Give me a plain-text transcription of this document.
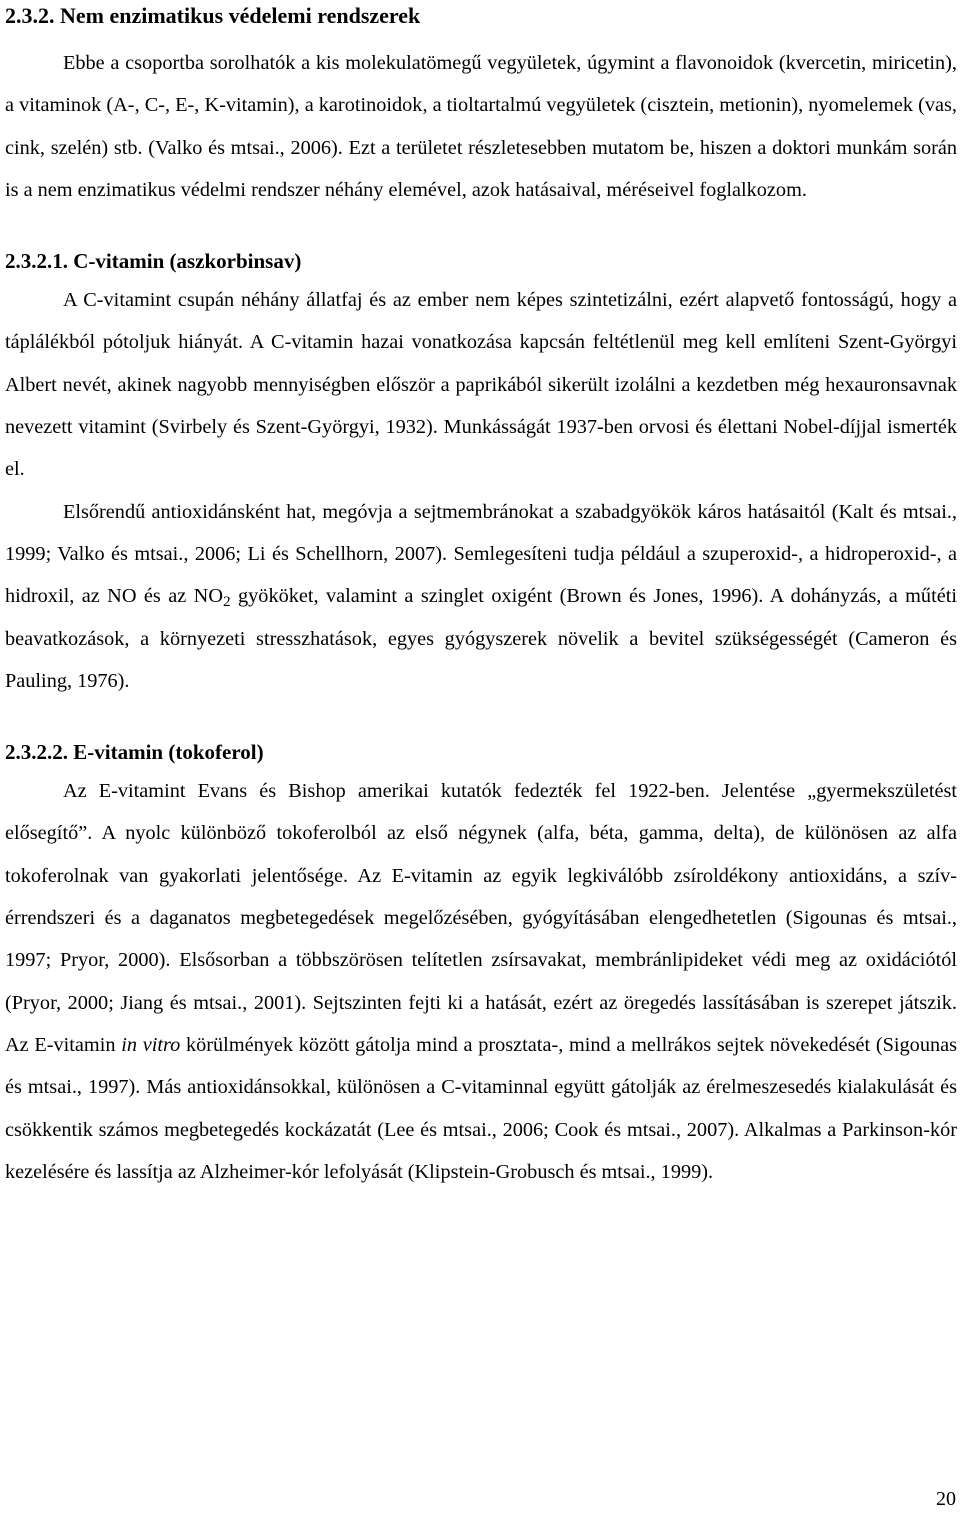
2.3.2. Nem enzimatikus védelemi rendszerek

Ebbe a csoportba sorolhatók a kis molekulatömegű vegyületek, úgymint a flavonoidok (kvercetin, miricetin), a vitaminok (A-, C-, E-, K-vitamin), a karotinoidok, a tioltartalmú vegyületek (cisztein, metionin), nyomelemek (vas, cink, szelén) stb. (Valko és mtsai., 2006). Ezt a területet részletesebben mutatom be, hiszen a doktori munkám során is a nem enzimatikus védelmi rendszer néhány elemével, azok hatásaival, méréseivel foglalkozom.

2.3.2.1. C-vitamin (aszkorbinsav)

A C-vitamint csupán néhány állatfaj és az ember nem képes szintetizálni, ezért alapvető fontosságú, hogy a táplálékból pótoljuk hiányát. A C-vitamin hazai vonatkozása kapcsán feltétlenül meg kell említeni Szent-Györgyi Albert nevét, akinek nagyobb mennyiségben először a paprikából sikerült izolálni a kezdetben még hexauronsavnak nevezett vitamint (Svirbely és Szent-Györgyi, 1932). Munkásságát 1937-ben orvosi és élettani Nobel-díjjal ismerték el.

Elsőrendű antioxidánsként hat, megóvja a sejtmembránokat a szabadgyökök káros hatásaitól (Kalt és mtsai., 1999; Valko és mtsai., 2006; Li és Schellhorn, 2007). Semlegesíteni tudja például a szuperoxid-, a hidroperoxid-, a hidroxil, az NO és az $NO_2$ gyököket, valamint a szinglet oxigént (Brown és Jones, 1996). A dohányzás, a műtéti beavatkozások, a környezeti stresszhatások, egyes gyógyszerek növelik a bevitel szükségességét (Cameron és Pauling, 1976).

2.3.2.2. E-vitamin (tokoferol)

Az E-vitamint Evans és Bishop amerikai kutatók fedezték fel 1922-ben. Jelentése „gyermekszületést elősegítő”. A nyolc különböző tokoferolból az első négynek (alfa, béta, gamma, delta), de különösen az alfa tokoferolnak van gyakorlati jelentősége. Az E-vitamin az egyik legkiválóbb zsíroldékony antioxidáns, a szív-érrendszeri és a daganatos megbetegedések megelőzésében, gyógyításában elengedhetetlen (Sigounas és mtsai., 1997; Pryor, 2000). Elsősorban a többszörösen telítetlen zsírsavakat, membránlipideket védi meg az oxidációtól (Pryor, 2000; Jiang és mtsai., 2001). Sejtszinten fejti ki a hatását, ezért az öregedés lassításában is szerepet játszik. Az E-vitamin in vitro körülmények között gátolja mind a prosztata-, mind a mellrákos sejtek növekedését (Sigounas és mtsai., 1997). Más antioxidánsokkal, különösen a C-vitaminnal együtt gátolják az érelmeszesedés kialakulását és csökkentik számos megbetegedés kockázatát (Lee és mtsai., 2006; Cook és mtsai., 2007). Alkalmas a Parkinson-kór kezelésére és lassítja az Alzheimer-kór lefolyását (Klipstein-Grobusch és mtsai., 1999).

20
